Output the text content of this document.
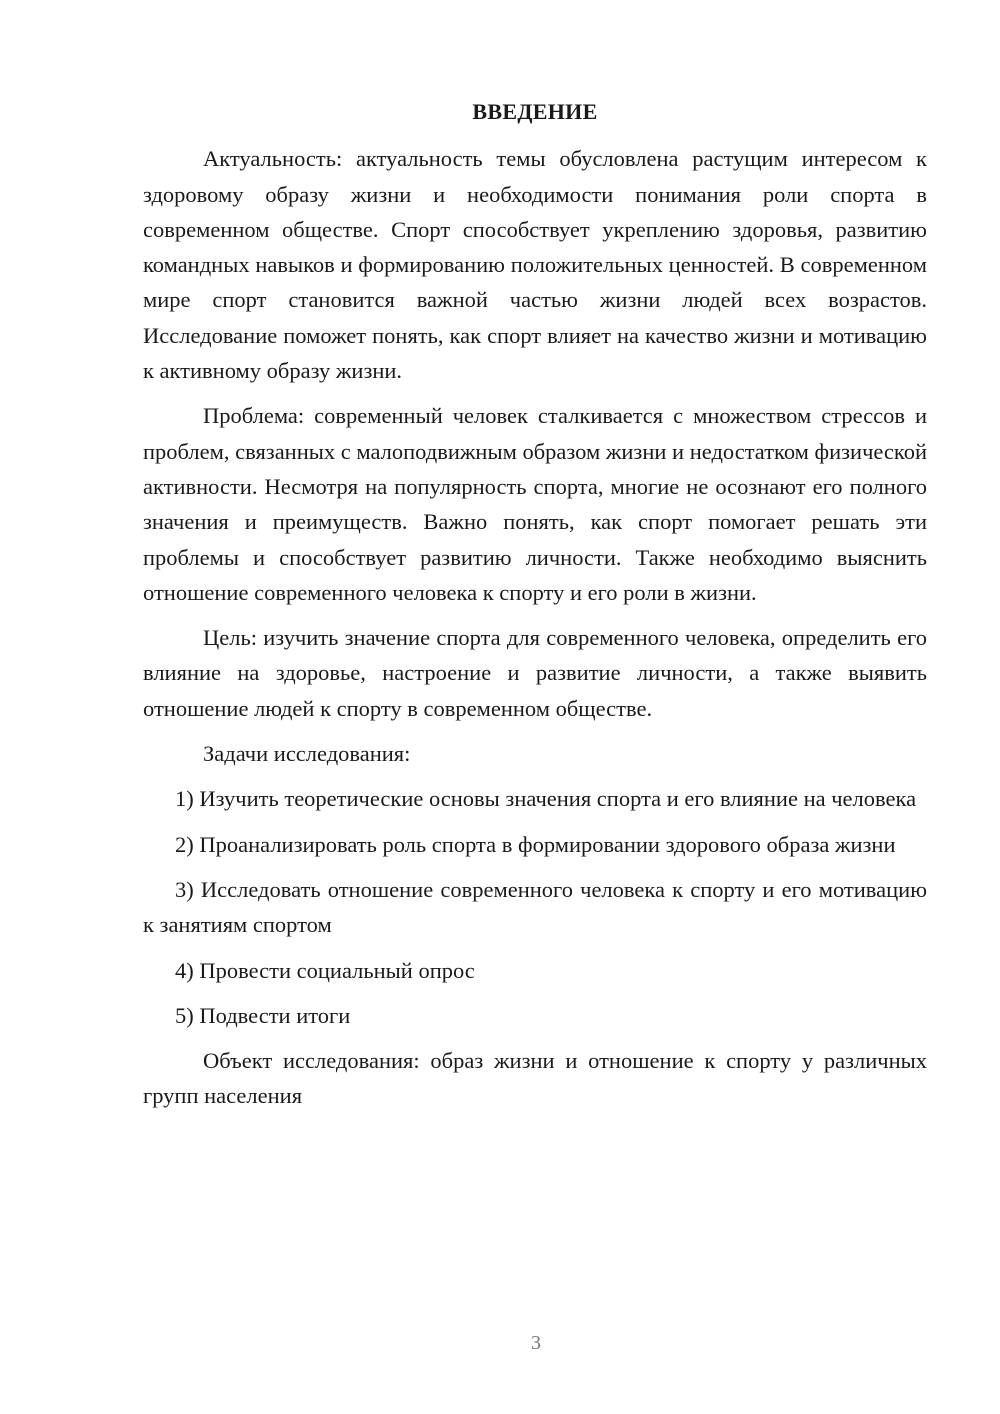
ВВЕДЕНИЕ

Актуальность: актуальность темы обусловлена растущим интересом к здоровому образу жизни и необходимости понимания роли спорта в современном обществе. Спорт способствует укреплению здоровья, развитию командных навыков и формированию положительных ценностей. В современном мире спорт становится важной частью жизни людей всех возрастов. Исследование поможет понять, как спорт влияет на качество жизни и мотивацию к активному образу жизни.

Проблема: современный человек сталкивается с множеством стрессов и проблем, связанных с малоподвижным образом жизни и недостатком физической активности. Несмотря на популярность спорта, многие не осознают его полного значения и преимуществ. Важно понять, как спорт помогает решать эти проблемы и способствует развитию личности. Также необходимо выяснить отношение современного человека к спорту и его роли в жизни.

Цель: изучить значение спорта для современного человека, определить его влияние на здоровье, настроение и развитие личности, а также выявить отношение людей к спорту в современном обществе.

Задачи исследования:

1) Изучить теоретические основы значения спорта и его влияние на человека

2) Проанализировать роль спорта в формировании здорового образа жизни

3) Исследовать отношение современного человека к спорту и его мотивацию к занятиям спортом

4) Провести социальный опрос

5) Подвести итоги

Объект исследования: образ жизни и отношение к спорту у различных групп населения

3
